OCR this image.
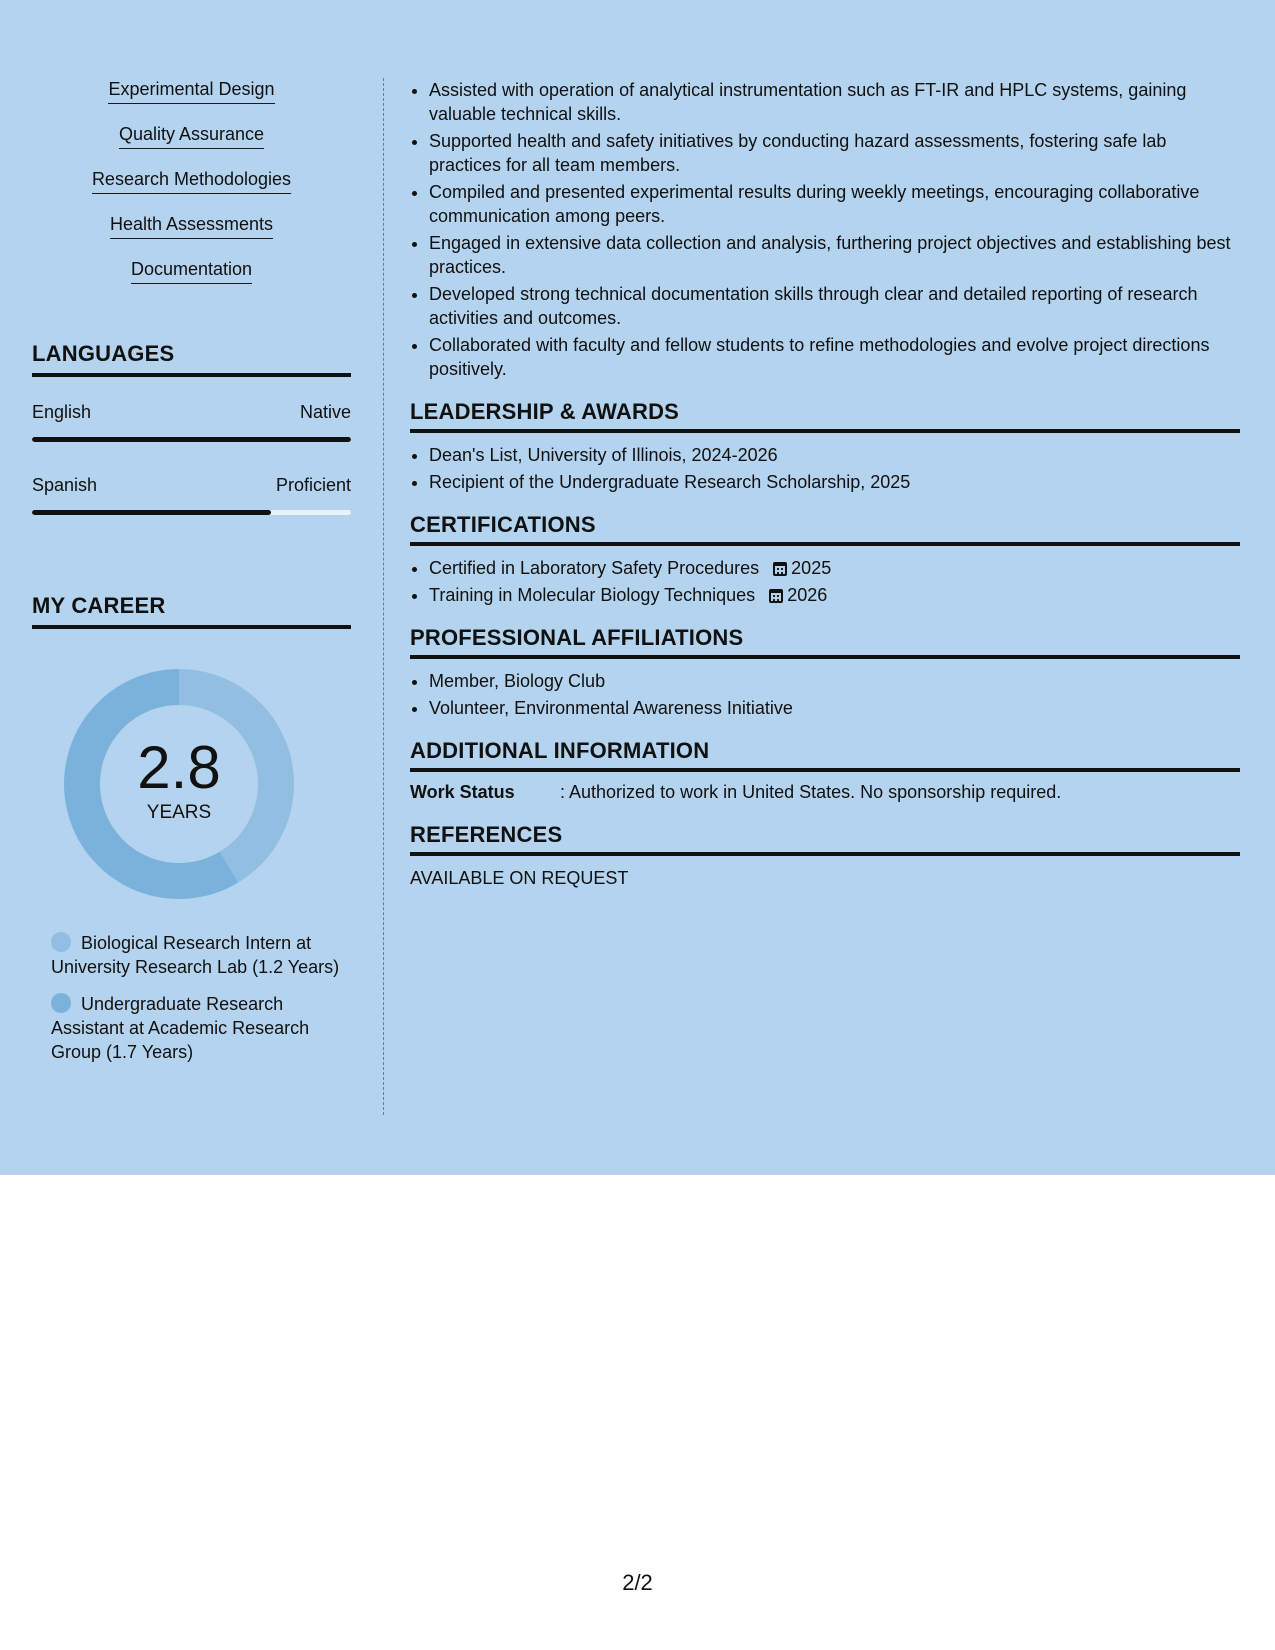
Experimental Design
Quality Assurance
Research Methodologies
Health Assessments
Documentation
LANGUAGES
English	Native
Spanish	Proficient
MY CAREER
2.8
YEARS
Biological Research Intern at University Research Lab (1.2 Years)
Undergraduate Research Assistant at Academic Research Group (1.7 Years)
• Assisted with operation of analytical instrumentation such as FT-IR and HPLC systems, gaining valuable technical skills.
• Supported health and safety initiatives by conducting hazard assessments, fostering safe lab practices for all team members.
• Compiled and presented experimental results during weekly meetings, encouraging collaborative communication among peers.
• Engaged in extensive data collection and analysis, furthering project objectives and establishing best practices.
• Developed strong technical documentation skills through clear and detailed reporting of research activities and outcomes.
• Collaborated with faculty and fellow students to refine methodologies and evolve project directions positively.
LEADERSHIP & AWARDS
• Dean's List, University of Illinois, 2024-2026
• Recipient of the Undergraduate Research Scholarship, 2025
CERTIFICATIONS
• Certified in Laboratory Safety Procedures 2025
• Training in Molecular Biology Techniques 2026
PROFESSIONAL AFFILIATIONS
• Member, Biology Club
• Volunteer, Environmental Awareness Initiative
ADDITIONAL INFORMATION
Work Status	: Authorized to work in United States. No sponsorship required.
REFERENCES
AVAILABLE ON REQUEST
2/2
